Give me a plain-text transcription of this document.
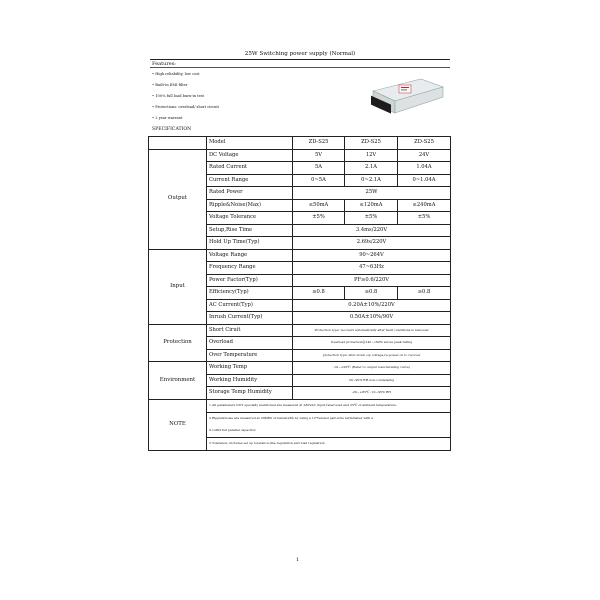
25W Switching power supply (Normal)
Features:
• High reliability, low cost
• Built-in EMI filter
• 100% full load burn-in test
• Protections: overload/ short circuit
• 2 year warrant
SPECIFICATION
	Model	ZD-S25	ZD-S25	ZD-S25
Output	DC Voltage	5V	12V	24V
	Rated Current	5A	2.1A	1.04A
	Current Range	0~5A	0~2.1A	0~1.04A
	Rated Power	25W		
	Ripple&Noise(Max)	≤50mA	≤120mA	≤240mA
	Voltage Tolerance	±5%	±5%	±5%
	Setup,Rise Time	3.4ms/220V		
	Hold Up Time(Typ)	2.69s/220V		
Input	Voltage Range	90~264V		
	Frequency Range	47~63Hz		
	Power Factor(Typ)	PF≥0.6/220V		
	Efficiency(Typ)	≥0.8	≥0.8	≥0.8
	AC Current(Typ)	0.20A±10%/220V		
	Inrush Current(Typ)	0.50A±10%/90V		
Protection	Short Ciruit	Protection type: recovers automatically after fault conditions is removed		
	Overload	Overload protection@145~160% above peak rating		
	Over Temperature	protection type: shut down o/p voltage,re-power on to recover		
Environment	Working Temp	-10~+50℃ (Refer to output load derating curve)		
	Working Humidity	20~90% RH non-condensing		
	Storage Temp Humidity	-20~+85℃, 10~95% RH		
NOTE	1.All parameters NOT specially mentioned are measured at 230VAC input,rated load and 25℃ of ambient temperature.			
	2.Ripple&noise are measured at 20MHz of bandwidth by using a 12"twisted pair-wire terminated with a			
	0.1uf&10uf parallel capacitor.			
	3.Tolerance: includes set up tolerance,line regulation and load regulation.			
1
